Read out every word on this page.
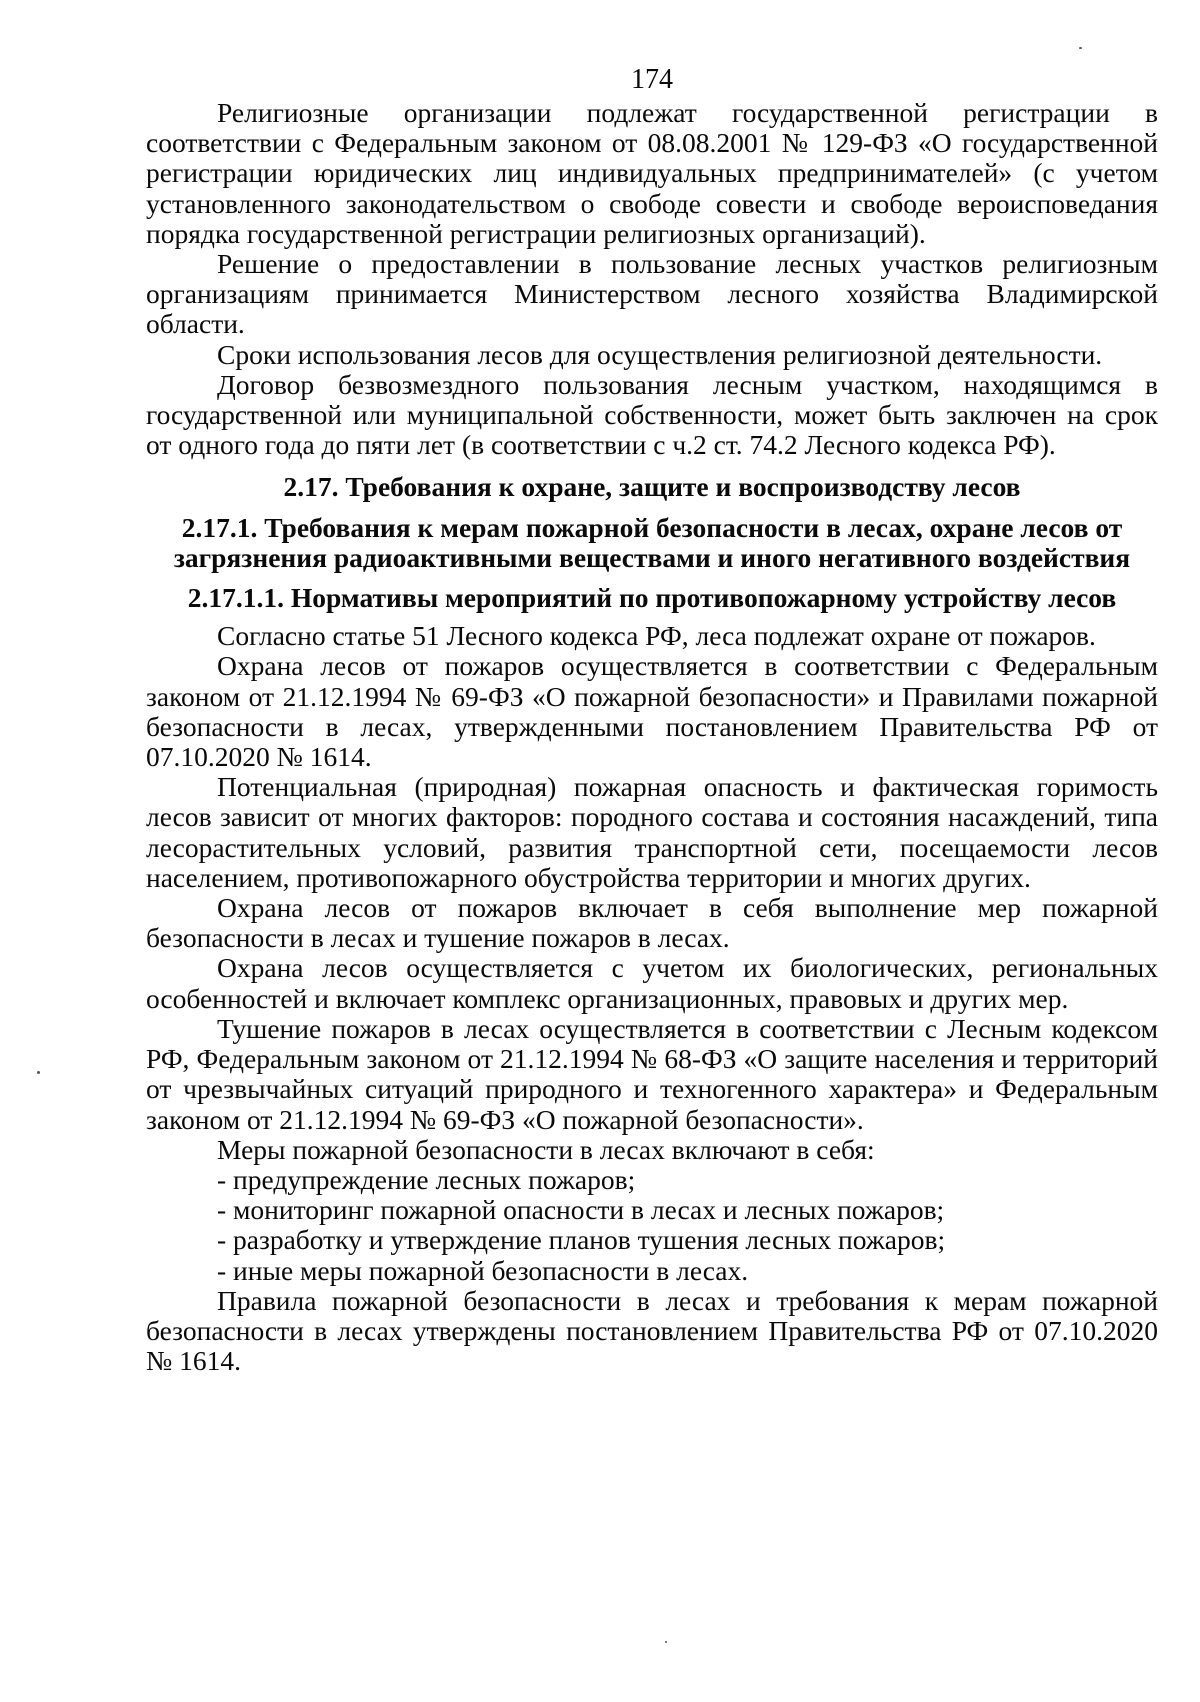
174

Религиозные организации подлежат государственной регистрации в соответствии с Федеральным законом от 08.08.2001 № 129-ФЗ «О государственной регистрации юридических лиц индивидуальных предпринимателей» (с учетом установленного законодательством о свободе совести и свободе вероисповедания порядка государственной регистрации религиозных организаций).

Решение о предоставлении в пользование лесных участков религиозным организациям принимается Министерством лесного хозяйства Владимирской области.

Сроки использования лесов для осуществления религиозной деятельности.

Договор безвозмездного пользования лесным участком, находящимся в государственной или муниципальной собственности, может быть заключен на срок от одного года до пяти лет (в соответствии с ч.2 ст. 74.2 Лесного кодекса РФ).

2.17. Требования к охране, защите и воспроизводству лесов
2.17.1. Требования к мерам пожарной безопасности в лесах, охране лесов от загрязнения радиоактивными веществами и иного негативного воздействия
2.17.1.1. Нормативы мероприятий по противопожарному устройству лесов

Согласно статье 51 Лесного кодекса РФ, леса подлежат охране от пожаров.

Охрана лесов от пожаров осуществляется в соответствии с Федеральным законом от 21.12.1994 № 69-ФЗ «О пожарной безопасности» и Правилами пожарной безопасности в лесах, утвержденными постановлением Правительства РФ от 07.10.2020 № 1614.

Потенциальная (природная) пожарная опасность и фактическая горимость лесов зависит от многих факторов: породного состава и состояния насаждений, типа лесорастительных условий, развития транспортной сети, посещаемости лесов населением, противопожарного обустройства территории и многих других.

Охрана лесов от пожаров включает в себя выполнение мер пожарной безопасности в лесах и тушение пожаров в лесах.

Охрана лесов осуществляется с учетом их биологических, региональных особенностей и включает комплекс организационных, правовых и других мер.

Тушение пожаров в лесах осуществляется в соответствии с Лесным кодексом РФ, Федеральным законом от 21.12.1994 № 68-ФЗ «О защите населения и территорий от чрезвычайных ситуаций природного и техногенного характера» и Федеральным законом от 21.12.1994 № 69-ФЗ «О пожарной безопасности».

Меры пожарной безопасности в лесах включают в себя:

- предупреждение лесных пожаров;
- мониторинг пожарной опасности в лесах и лесных пожаров;
- разработку и утверждение планов тушения лесных пожаров;
- иные меры пожарной безопасности в лесах.

Правила пожарной безопасности в лесах и требования к мерам пожарной безопасности в лесах утверждены постановлением Правительства РФ от 07.10.2020 № 1614.
